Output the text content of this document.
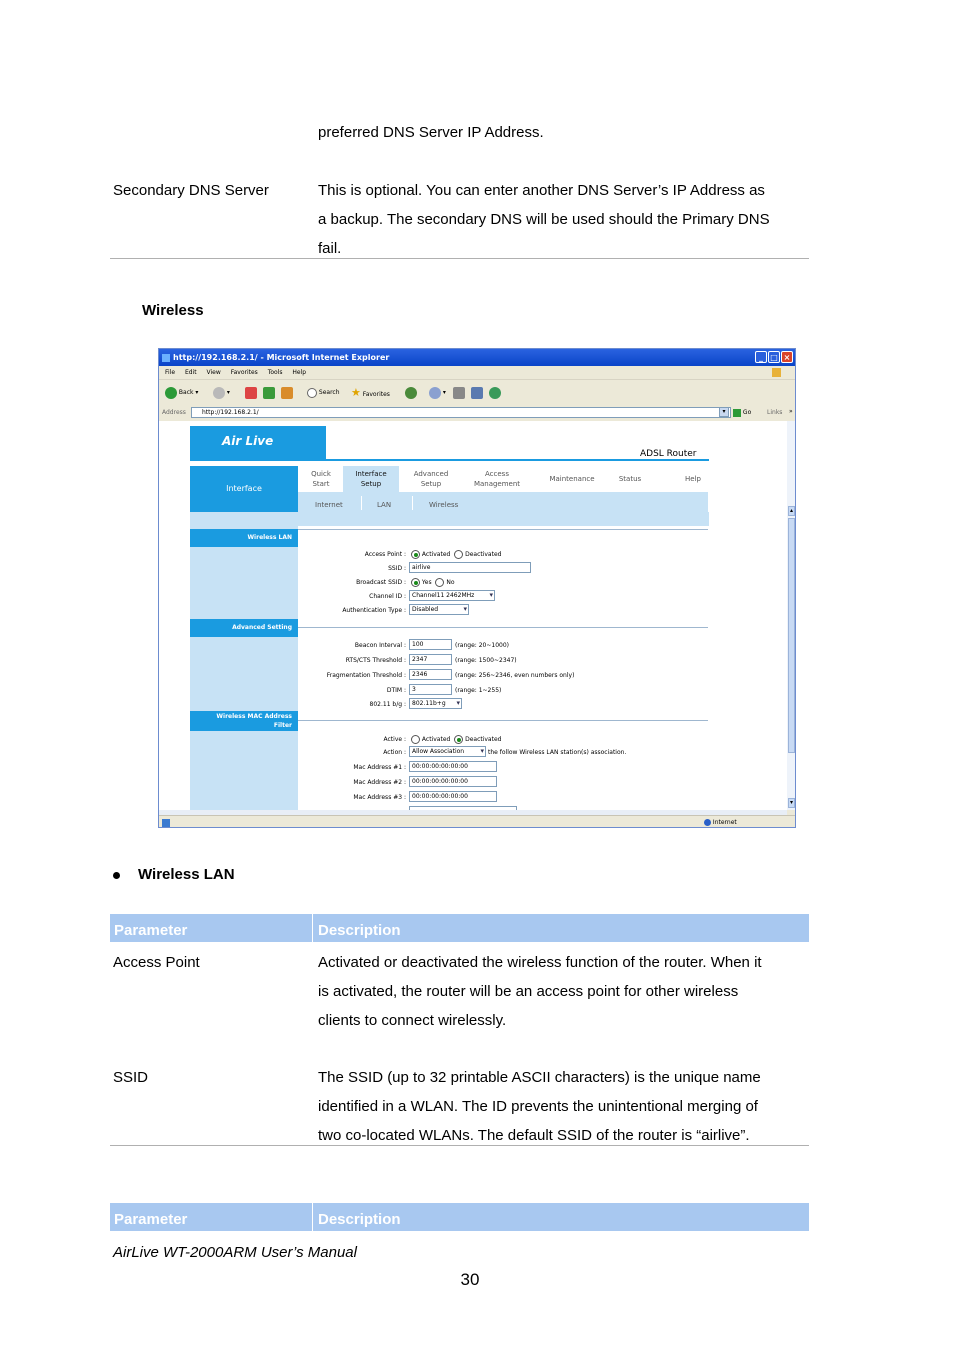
preferred DNS Server IP Address.
Secondary DNS Server	This is optional. You can enter another DNS Server’s IP Address as
a backup. The secondary DNS will be used should the Primary DNS
fail.
Wireless
http://192.168.2.1/ - Microsoft Internet Explorer	_ □ ×
File Edit View Favorites Tools Help
Back ▾	▾	Search ★ Favorites	▾
Address	http://192.168.2.1/	▾	Go	Links »
Air Live
ADSL Router
Interface
Quick
Start
Interface
Setup
Advanced
Setup
Access
Management
Maintenance	Status	Help
Internet	LAN	Wireless
Wireless LAN
Access Point :	Activated Deactivated
SSID :	airlive
Broadcast SSID :	Yes No
Channel ID :	Channel11 2462MHz ▾
Authentication Type :	Disabled ▾
Advanced Setting
Beacon Interval :	100	(range: 20~1000)
RTS/CTS Threshold :	2347	(range: 1500~2347)
Fragmentation Threshold :	2346	(range: 256~2346, even numbers only)
DTIM :	3	(range: 1~255)
802.11 b/g :	802.11b+g ▾
Wireless MAC Address
Filter
Active :	Activated Deactivated
Action :	Allow Association ▾	the follow Wireless LAN station(s) association.
Mac Address #1 :	00:00:00:00:00:00
Mac Address #2 :	00:00:00:00:00:00
Mac Address #3 :	00:00:00:00:00:00
▴
▾
Internet
Wireless LAN
Parameter	Description
Access Point	Activated or deactivated the wireless function of the router. When it
is activated, the router will be an access point for other wireless
clients to connect wirelessly.
SSID	The SSID (up to 32 printable ASCII characters) is the unique name
identified in a WLAN. The ID prevents the unintentional merging of
two co-located WLANs. The default SSID of the router is “airlive”.
Parameter	Description
AirLive WT-2000ARM User’s Manual
30
